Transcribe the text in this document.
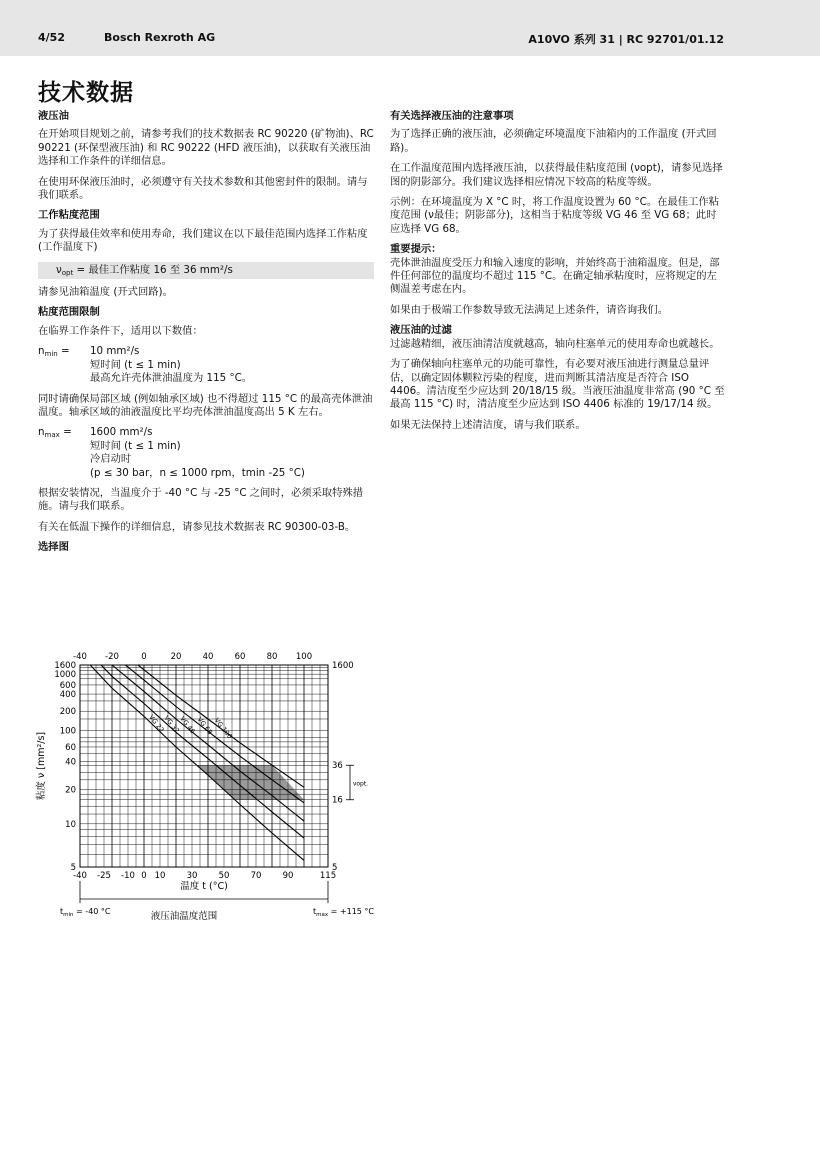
4/52	Bosch Rexroth AG	A10VO 系列 31 | RC 92701/01.12
技术数据
液压油

在开始项目规划之前，请参考我们的技术数据表 RC 90220 (矿物油)、RC 90221 (环保型液压油) 和 RC 90222 (HFD 液压油)，以获取有关液压油选择和工作条件的详细信息。

在使用环保液压油时，必须遵守有关技术参数和其他密封件的限制。请与我们联系。

工作粘度范围

为了获得最佳效率和使用寿命，我们建议在以下最佳范围内选择工作粘度 (工作温度下)

$\nu_{opt}$ = 最佳工作粘度 16 至 36 mm²/s

请参见油箱温度 (开式回路)。

粘度范围限制

在临界工作条件下，适用以下数值：

$n_{min}$ =	10 mm²/s
短时间 (t ≤ 1 min)
最高允许壳体泄油温度为 115 °C。

同时请确保局部区域 (例如轴承区域) 也不得超过 115 °C 的最高壳体泄油温度。轴承区域的油液温度比平均壳体泄油温度高出 5 K 左右。

$n_{max}$ =	1600 mm²/s
短时间 (t ≤ 1 min)
冷启动时
(p ≤ 30 bar，n ≤ 1000 rpm，tmin -25 °C)

根据安装情况，当温度介于 -40 °C 与 -25 °C 之间时，必须采取特殊措施。请与我们联系。

有关在低温下操作的详细信息，请参见技术数据表 RC 90300-03-B。

选择图
有关选择液压油的注意事项

为了选择正确的液压油，必须确定环境温度下油箱内的工作温度 (开式回路)。

在工作温度范围内选择液压油，以获得最佳粘度范围 (νopt)，请参见选择图的阴影部分。我们建议选择相应情况下较高的粘度等级。

示例：在环境温度为 X °C 时，将工作温度设置为 60 °C。在最佳工作粘度范围 (ν最佳；阴影部分)，这相当于粘度等级 VG 46 至 VG 68；此时应选择 VG 68。

重要提示：

壳体泄油温度受压力和输入速度的影响，并始终高于油箱温度。但是，部件任何部位的温度均不超过 115 °C。在确定轴承粘度时，应将规定的左侧温差考虑在内。

如果由于极端工作参数导致无法满足上述条件，请咨询我们。

液压油的过滤

过滤越精细，液压油清洁度就越高，轴向柱塞单元的使用寿命也就越长。

为了确保轴向柱塞单元的功能可靠性，有必要对液压油进行测量总量评估，以确定固体颗粒污染的程度，进而判断其清洁度是否符合 ISO 4406。清洁度至少应达到 20/18/15 级。当液压油温度非常高 (90 °C 至最高 115 °C) 时，清洁度至少应达到 ISO 4406 标准的 19/17/14 级。

如果无法保持上述清洁度，请与我们联系。

VG 22
VG 32
VG 46
VG 68
VG 100
-40 -20	0	20 40 60 80 100
-40 -25 -10 0 10 30 50 70 90	115
1600
1000
600
400
200
100
60
40
20
10
5
1600
36
16
5
νopt.
温度 t (°C)
粘度 ν [mm²/s]
$t_{min} = -40$ °C	$t_{max} = +115$ °C
液压油温度范围
